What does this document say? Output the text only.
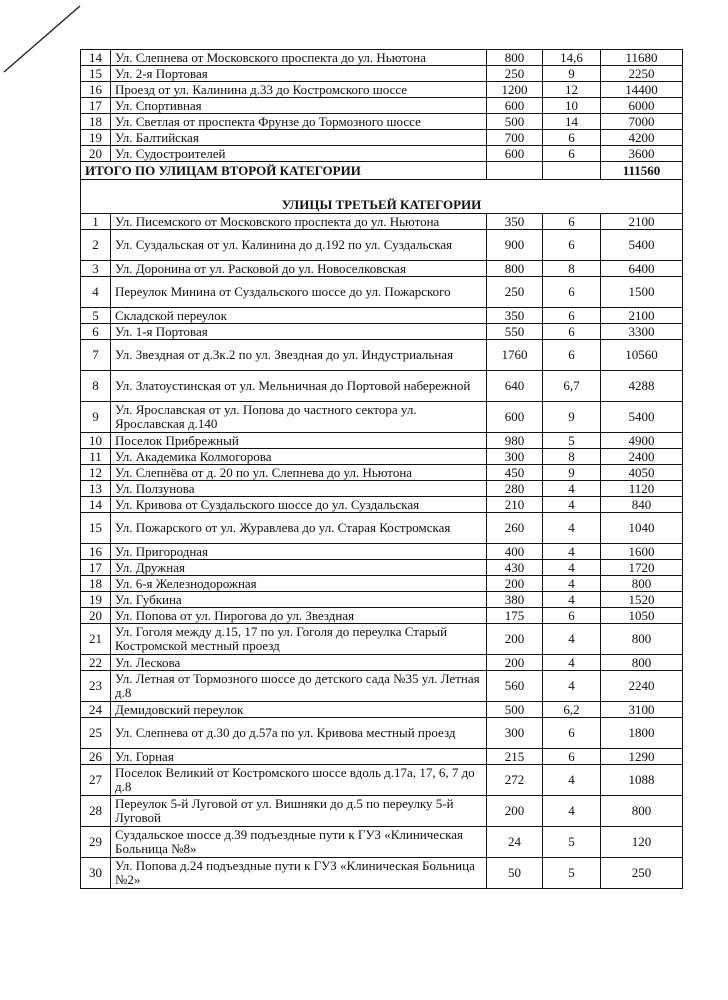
14	Ул. Слепнева от Московского проспекта до ул. Ньютона	800	14,6	11680
15	Ул. 2-я Портовая	250	9	2250
16	Проезд от ул. Калинина д.33 до Костромского шоссе	1200	12	14400
17	Ул. Спортивная	600	10	6000
18	Ул. Светлая от проспекта Фрунзе до Тормозного шоссе	500	14	7000
19	Ул. Балтийская	700	6	4200
20	Ул. Судостроителей	600	6	3600
ИТОГО ПО УЛИЦАМ ВТОРОЙ КАТЕГОРИИ				111560
УЛИЦЫ ТРЕТЬЕЙ КАТЕГОРИИ				
1	Ул. Писемского от Московского проспекта до ул. Ньютона	350	6	2100
2	Ул. Суздальская от ул. Калинина до д.192 по ул. Суздальская	900	6	5400
3	Ул. Доронина от ул. Расковой до ул. Новоселковская	800	8	6400
4	Переулок Минина от Суздальского шоссе до ул. Пожарского	250	6	1500
5	Складской переулок	350	6	2100
6	Ул. 1-я Портовая	550	6	3300
7	Ул. Звездная от д.3к.2 по ул. Звездная до ул. Индустриальная	1760	6	10560
8	Ул. Златоустинская от ул. Мельничная до Портовой набережной	640	6,7	4288
9	Ул. Ярославская от ул. Попова до частного сектора ул. Ярославская д.140	600	9	5400
10	Поселок Прибрежный	980	5	4900
11	Ул. Академика Колмогорова	300	8	2400
12	Ул. Слепнёва от д. 20 по ул. Слепнева до ул. Ньютона	450	9	4050
13	Ул. Ползунова	280	4	1120
14	Ул. Кривова от Суздальского шоссе до ул. Суздальская	210	4	840
15	Ул. Пожарского от ул. Журавлева до ул. Старая Костромская	260	4	1040
16	Ул. Пригородная	400	4	1600
17	Ул. Дружная	430	4	1720
18	Ул. 6-я Железнодорожная	200	4	800
19	Ул. Губкина	380	4	1520
20	Ул. Попова от ул. Пирогова до ул. Звездная	175	6	1050
21	Ул. Гоголя между д.15, 17 по ул. Гоголя до переулка Старый Костромской местный проезд	200	4	800
22	Ул. Лескова	200	4	800
23	Ул. Летная от Тормозного шоссе до детского сада №35 ул. Летная д.8	560	4	2240
24	Демидовский переулок	500	6,2	3100
25	Ул. Слепнева от д.30 до д.57а по ул. Кривова местный проезд	300	6	1800
26	Ул. Горная	215	6	1290
27	Поселок Великий от Костромского шоссе вдоль д.17а, 17, 6, 7 до д.8	272	4	1088
28	Переулок 5-й Луговой от ул. Вишняки до д.5 по переулку 5-й Луговой	200	4	800
29	Суздальское шоссе д.39 подъездные пути к ГУЗ «Клиническая Больница №8»	24	5	120
30	Ул. Попова д.24 подъездные пути к ГУЗ «Клиническая Больница №2»	50	5	250
